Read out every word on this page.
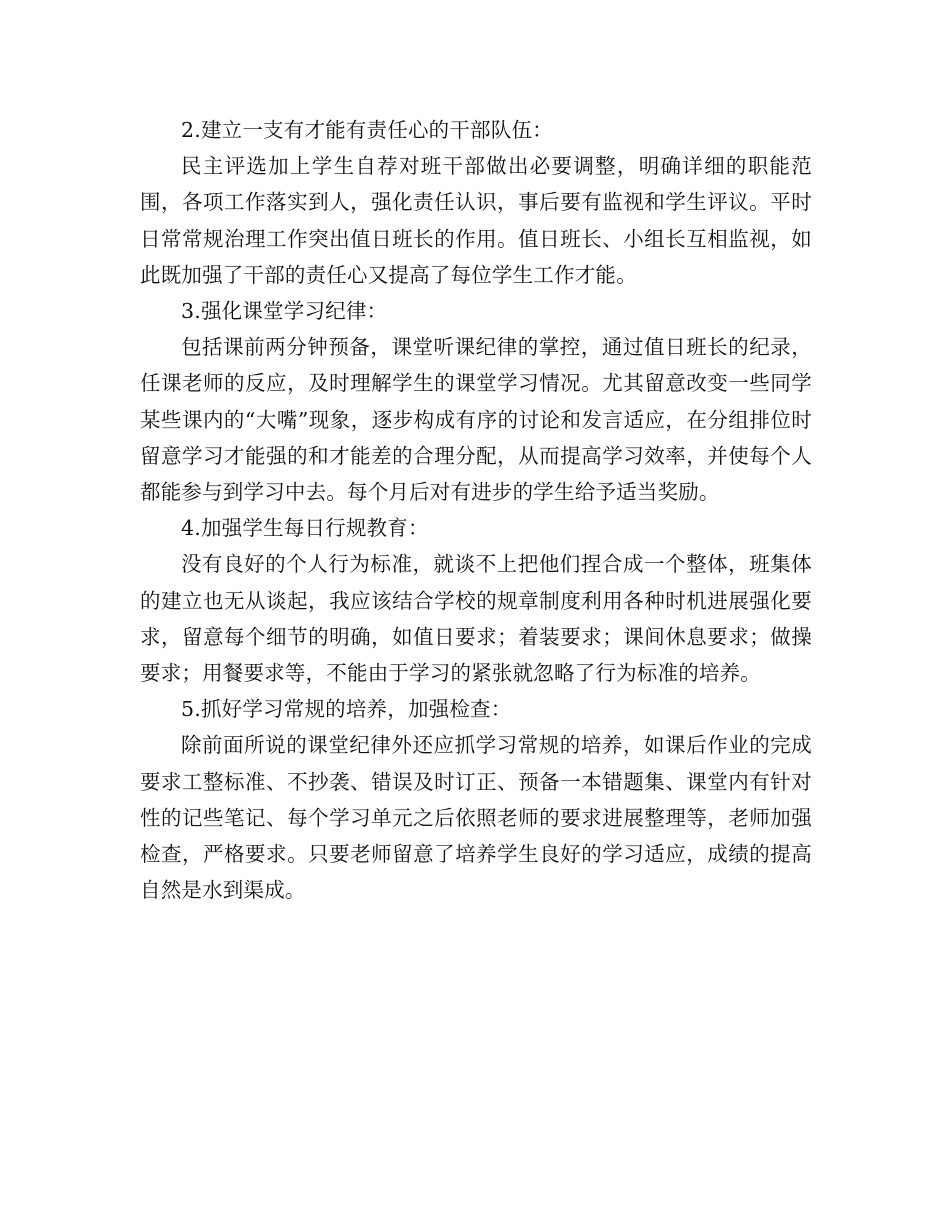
2.建立一支有才能有责任心的干部队伍：

民主评选加上学生自荐对班干部做出必要调整，明确详细的职能范围，各项工作落实到人，强化责任认识，事后要有监视和学生评议。平时日常常规治理工作突出值日班长的作用。值日班长、小组长互相监视，如此既加强了干部的责任心又提高了每位学生工作才能。

3.强化课堂学习纪律：

包括课前两分钟预备，课堂听课纪律的掌控，通过值日班长的纪录，任课老师的反应，及时理解学生的课堂学习情况。尤其留意改变一些同学某些课内的“大嘴”现象，逐步构成有序的讨论和发言适应，在分组排位时留意学习才能强的和才能差的合理分配，从而提高学习效率，并使每个人都能参与到学习中去。每个月后对有进步的学生给予适当奖励。

4.加强学生每日行规教育：

没有良好的个人行为标准，就谈不上把他们捏合成一个整体，班集体的建立也无从谈起，我应该结合学校的规章制度利用各种时机进展强化要求，留意每个细节的明确，如值日要求；着装要求；课间休息要求；做操要求；用餐要求等，不能由于学习的紧张就忽略了行为标准的培养。

5.抓好学习常规的培养，加强检查：

除前面所说的课堂纪律外还应抓学习常规的培养，如课后作业的完成要求工整标准、不抄袭、错误及时订正、预备一本错题集、课堂内有针对性的记些笔记、每个学习单元之后依照老师的要求进展整理等，老师加强检查，严格要求。只要老师留意了培养学生良好的学习适应，成绩的提高自然是水到渠成。
